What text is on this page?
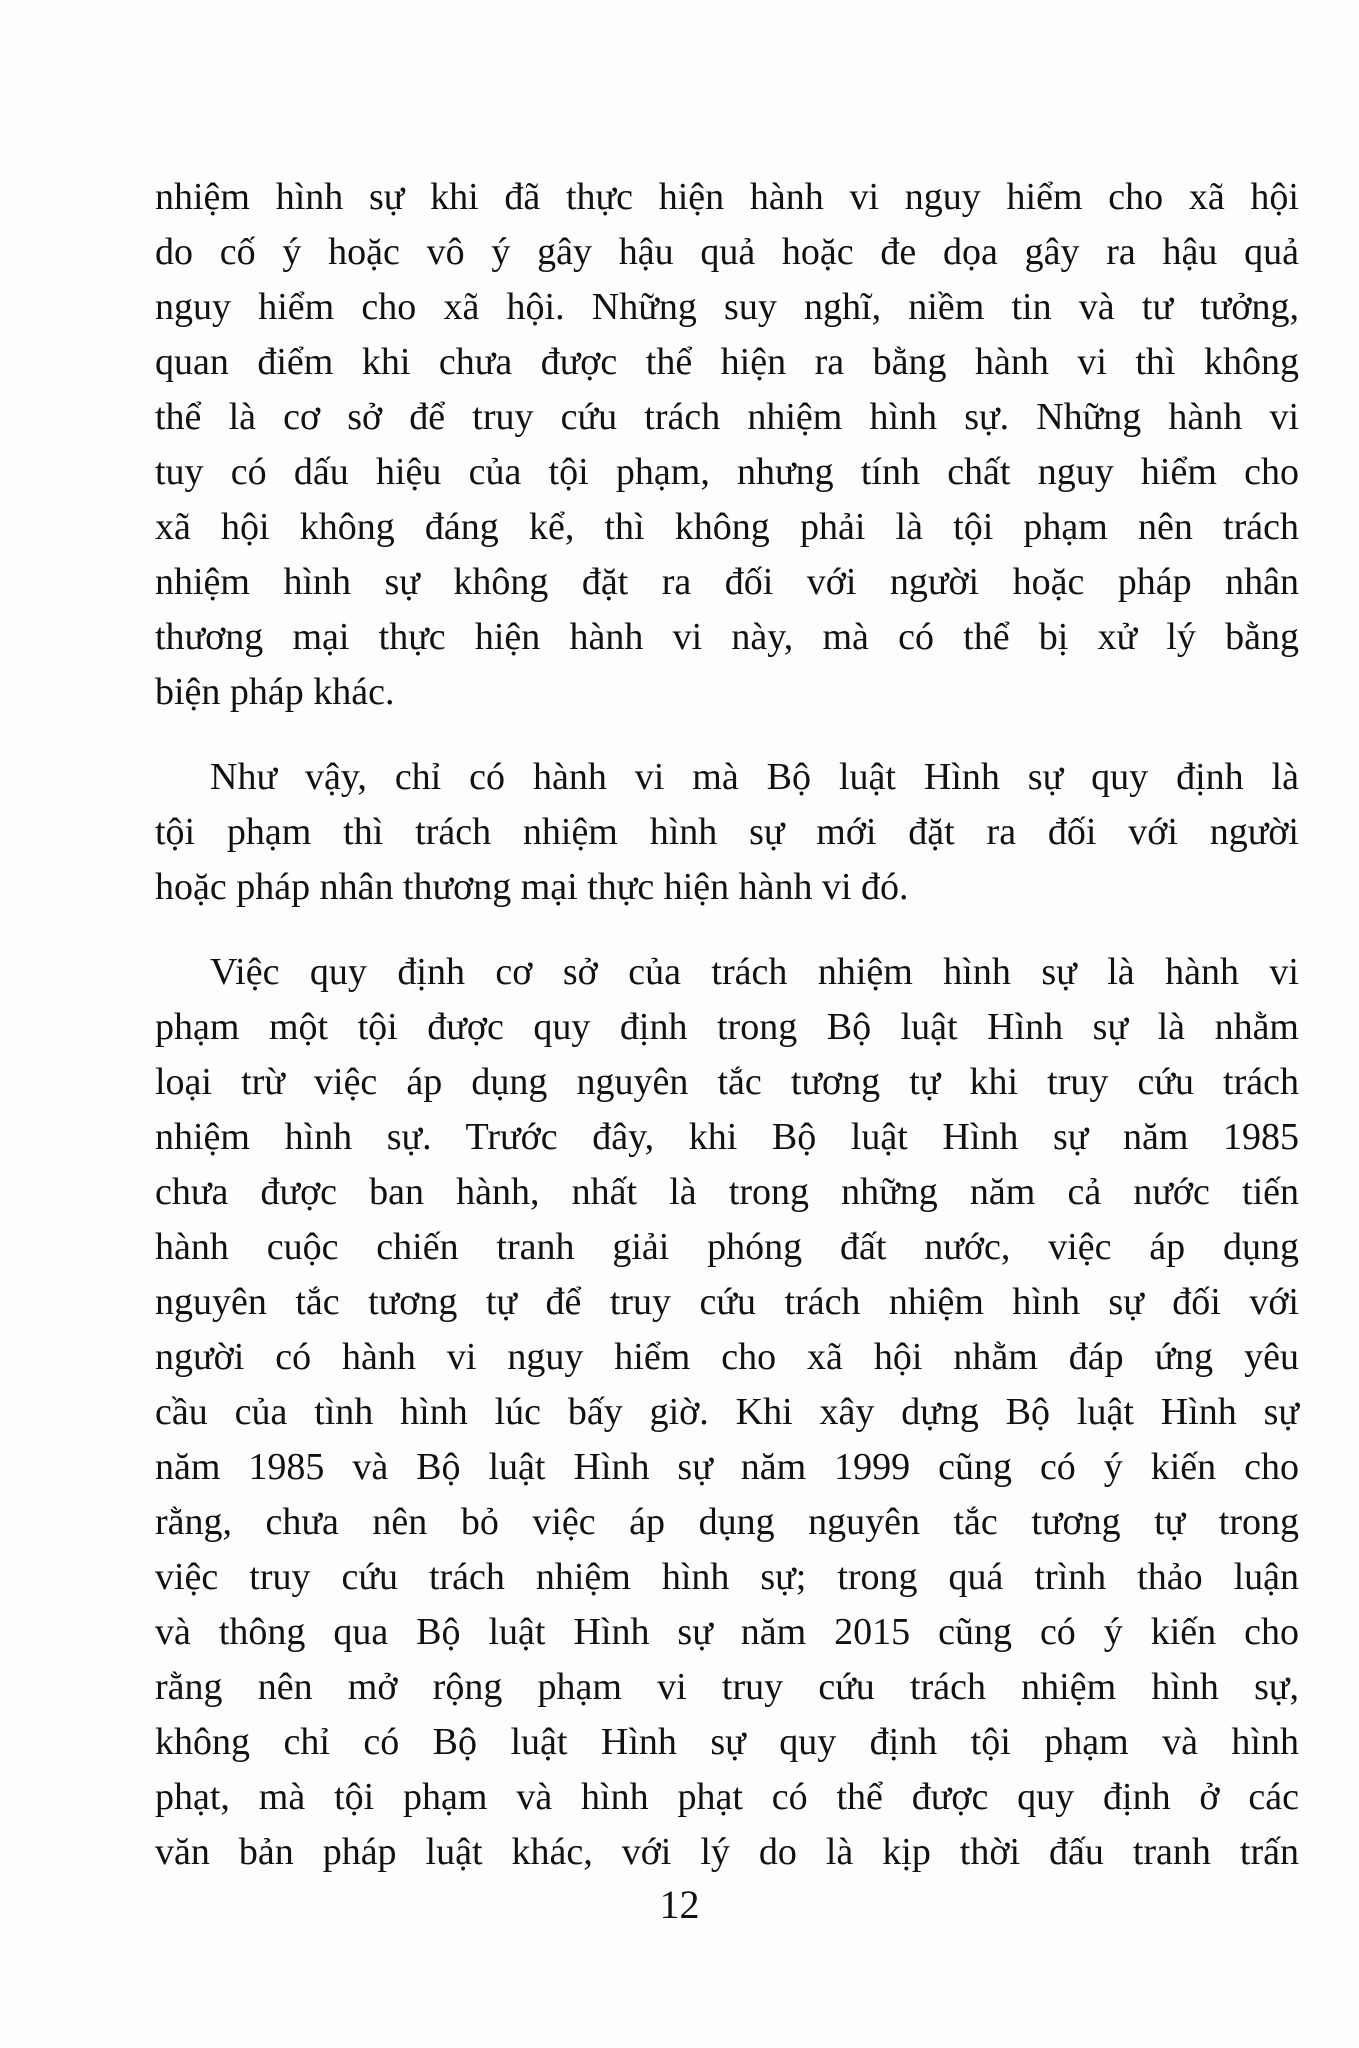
nhiệm hình sự khi đã thực hiện hành vi nguy hiểm cho xã hội
do cố ý hoặc vô ý gây hậu quả hoặc đe dọa gây ra hậu quả
nguy hiểm cho xã hội. Những suy nghĩ, niềm tin và tư tưởng,
quan điểm khi chưa được thể hiện ra bằng hành vi thì không
thể là cơ sở để truy cứu trách nhiệm hình sự. Những hành vi
tuy có dấu hiệu của tội phạm, nhưng tính chất nguy hiểm cho
xã hội không đáng kể, thì không phải là tội phạm nên trách
nhiệm hình sự không đặt ra đối với người hoặc pháp nhân
thương mại thực hiện hành vi này, mà có thể bị xử lý bằng
biện pháp khác.
Như vậy, chỉ có hành vi mà Bộ luật Hình sự quy định là
tội phạm thì trách nhiệm hình sự mới đặt ra đối với người
hoặc pháp nhân thương mại thực hiện hành vi đó.
Việc quy định cơ sở của trách nhiệm hình sự là hành vi
phạm một tội được quy định trong Bộ luật Hình sự là nhằm
loại trừ việc áp dụng nguyên tắc tương tự khi truy cứu trách
nhiệm hình sự. Trước đây, khi Bộ luật Hình sự năm 1985
chưa được ban hành, nhất là trong những năm cả nước tiến
hành cuộc chiến tranh giải phóng đất nước, việc áp dụng
nguyên tắc tương tự để truy cứu trách nhiệm hình sự đối với
người có hành vi nguy hiểm cho xã hội nhằm đáp ứng yêu
cầu của tình hình lúc bấy giờ. Khi xây dựng Bộ luật Hình sự
năm 1985 và Bộ luật Hình sự năm 1999 cũng có ý kiến cho
rằng, chưa nên bỏ việc áp dụng nguyên tắc tương tự trong
việc truy cứu trách nhiệm hình sự; trong quá trình thảo luận
và thông qua Bộ luật Hình sự năm 2015 cũng có ý kiến cho
rằng nên mở rộng phạm vi truy cứu trách nhiệm hình sự,
không chỉ có Bộ luật Hình sự quy định tội phạm và hình
phạt, mà tội phạm và hình phạt có thể được quy định ở các
văn bản pháp luật khác, với lý do là kịp thời đấu tranh trấn
12
